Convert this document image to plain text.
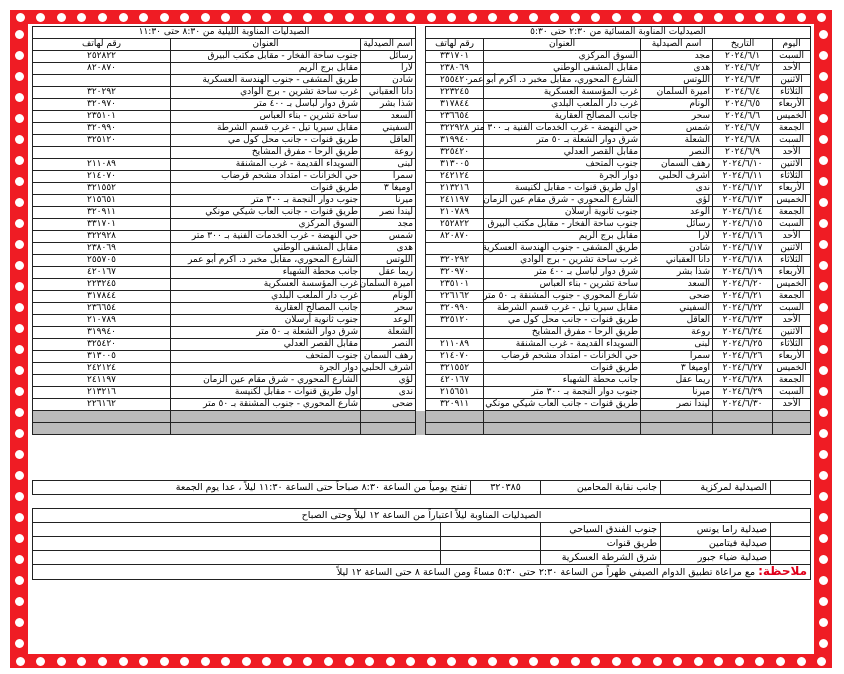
الصيدليات المناوبة المسائية من ٢:٣٠ حتى ٥:٣٠						الصيدليات المناوبة الليلية من ٨:٣٠ حتى ١١:٣٠		
اليوم	التاريخ	اسم الصيدلية	العنوان	رقم لهاتف		اسم الصيدلية	العنوان	رقم لهاتف
السبت	٢٠٢٤/٦/١	مجد	السوق المركزي	٣٣١٧٠١		رسائل	جنوب ساحة الفخار - مقابل مكتب البيرق	٢٥٢٨٢٢
الأحد	٢٠٢٤/٦/٢	هدى	مقابل المشفى الوطني	٢٣٨٠٦٩		لارا	مقابل برج الريم	٨٢٠٨٧٠
الاثنين	٢٠٢٤/٦/٣	اللوتس	الشارع المحوري، مقابل مخبر د. اكرم أبو عمر	٢٥٥٤٢٠		شادن	طريق المشفى - جنوب الهندسة العسكرية	
الثلاثاء	٢٠٢٤/٦/٤	اميرة السلمان	غرب المؤسسة العسكرية	٢٢٣٢٤٥		دانا العقباني	غرب ساحة تشرين - برج الوادي	٣٢٠٢٩٢
الأربعاء	٢٠٢٤/٦/٥	الونام	غرب دار الملعب البلدي	٣١٧٨٤٤		شذا بشر	شرق دوار لباسل بـ ٤٠٠ متر	٣٢٠٩٧٠
الخميس	٢٠٢٤/٦/٦	سحر	جانب المصالح العقارية	٢٣٦٦٥٤		السعد	ساحة تشرين - بناء العباس	٢٣٥١٠١
الجمعة	٢٠٢٤/٦/٧	شمس	حي النهضة - غرب الخدمات الفنية بـ ٣٠٠ متر	٣٢٢٩٢٨		السفيني	مقابل سيريا تيل - غرب قسم الشرطة	٣٢٠٩٩٠
السبت	٢٠٢٤/٦/٨	الشعلة	شرق دوار الشعلة بـ ٥٠ متر	٣١٩٩٤٠		العاقل	طريق قنوات - جانب محل كول مي	٣٢٥١٢٠
الأحد	٢٠٢٤/٦/٩	النصر	مقابل القصر العدلي	٣٢٥٤٢٠		روعة	طريق الرحا - مفرق المشايخ	
الاثنين	٢٠٢٤/٦/١٠	رهف السمان	جنوب المتحف	٣١٣٠٠٥		لبنى	السويداء القديمة - غرب المشنقة	٢١١٠٨٩
الثلاثاء	٢٠٢٤/٦/١١	اشرف الحلبي	دوار الجرة	٢٤٢١٢٤		سمرا	حي الخزانات - امتداد مشحم قرضاب	٢١٤٠٧٠
الأربعاء	٢٠٢٤/٦/١٢	ندى	اول طريق قنوات - مقابل لكنيسة	٢١٣٢١٦		اوميغا ٣	طريق قنوات	٣٢١٥٥٢
الخميس	٢٠٢٤/٦/١٣	لؤي	الشارع المحوري - شرق مقام عين الزمان	٢٤١١٩٧		ميرنا	جنوب دوار النجمة بـ ٣٠٠ متر	٢١٥٦٥١
الجمعة	٢٠٢٤/٦/١٤	الوعد	جنوب ثانوية أرسلان	٢١٠٧٨٩		ليندا نصر	طريق قنوات - جانب العاب شيكي مونكي	٣٢٠٩١١
السبت	٢٠٢٤/٦/١٥	رسائل	جنوب ساحة الفخار - مقابل مكتب البيرق	٢٥٢٨٢٢		مجد	السوق المركزي	٣٣١٧٠١
الأحد	٢٠٢٤/٦/١٦	لارا	مقابل برج الريم	٨٢٠٨٧٠		شمس	حي النهضة - غرب الخدمات الفنية بـ ٣٠٠ متر	٣٢٢٩٢٨
الاثنين	٢٠٢٤/٦/١٧	شادن	طريق المشفى - جنوب الهندسة العسكرية			هدى	مقابل المشفى الوطني	٢٣٨٠٦٩
الثلاثاء	٢٠٢٤/٦/١٨	دانا العقباني	غرب ساحة تشرين - برج الوادي	٣٢٠٢٩٢		اللوتس	الشارع المحوري، مقابل مخبر د. اكرم أبو عمر	٢٥٥٧٠٥
الأربعاء	٢٠٢٤/٦/١٩	شذا بشر	شرق دوار لباسل بـ ٤٠٠ متر	٣٢٠٩٧٠		ريما عقل	جانب محطة الشهباء	٤٢٠١٦٧
الخميس	٢٠٢٤/٦/٢٠	السعد	ساحة تشرين - بناء العباس	٢٣٥١٠١		اميرة السلمان	غرب المؤسسة العسكرية	٢٢٣٢٤٥
الجمعة	٢٠٢٤/٦/٢١	ضحى	شارع المحوري - جنوب المشنقة بـ ٥٠ متر	٢٢٦١٦٢		الونام	غرب دار الملعب البلدي	٣١٧٨٤٤
السبت	٢٠٢٤/٦/٢٢	السفيني	مقابل سيريا تيل - غرب قسم الشرطة	٣٢٠٩٩٠		سحر	جانب المصالح العقارية	٢٣٦٦٥٤
الأحد	٢٠٢٤/٦/٢٣	العاقل	طريق قنوات - جانب محل كول مي	٣٢٥١٢٠		الوعد	جنوب ثانوية أرسلان	٢١٠٧٨٩
الاثنين	٢٠٢٤/٦/٢٤	روعة	طريق الرحا - مفرق المشايخ			الشعلة	شرق دوار الشعلة بـ ٥٠ متر	٣١٩٩٤٠
الثلاثاء	٢٠٢٤/٦/٢٥	لبنى	السويداء القديمة - غرب المشنقة	٢١١٠٨٩		النصر	مقابل القصر العدلي	٣٢٥٤٢٠
الأربعاء	٢٠٢٤/٦/٢٦	سمرا	حي الخزانات - امتداد مشحم قرضاب	٢١٤٠٧٠		رهف السمان	جنوب المتحف	٣١٣٠٠٥
الخميس	٢٠٢٤/٦/٢٧	اوميغا ٣	طريق قنوات	٣٢١٥٥٢		اشرف الحلبي	دوار الجرة	٢٤٢١٢٤
الجمعة	٢٠٢٤/٦/٢٨	ريما عقل	جانب محطة الشهباء	٤٢٠١٦٧		لؤي	الشارع المحوري - شرق مقام عين الزمان	٢٤١١٩٧
السبت	٢٠٢٤/٦/٢٩	ميرنا	جنوب دوار النجمة بـ ٣٠٠ متر	٢١٥٦٥١		ندى	اول طريق قنوات - مقابل لكنيسة	٢١٣٢١٦
الأحد	٢٠٢٤/٦/٣٠	ليندا نصر	طريق قنوات - جانب العاب شيكي مونكي	٣٢٠٩١١		ضحى	شارع المحوري - جنوب المشنقة بـ ٥٠ متر	٢٢٦١٦٢

	الصيدلية لمركزية	جانب نقابة المحامين	٣٢٠٣٨٥	تفتح يومياً من الساعة ٨:٣٠ صباحاً حتى الساعة ١١:٣٠ ليلاً ، عدا يوم الجمعة
الصيدليات المناوبة ليلاً اعتباراً من الساعة ١٢ ليلاً وحتى الصباح				
	صيدلية راما يونس	جنوب الفندق السياحي		
	صيدلية فيتامين	طريق قنوات		
	صيدلية ضياء جبور	شرق الشرطة العسكرية		
ملاحظة: مع مراعاة تطبيق الدوام الصيفي ظهراً من الساعة ٢:٣٠ حتى ٥:٣٠ مساءً ومن الساعة ٨ حتى الساعة ١٢ ليلاً				
